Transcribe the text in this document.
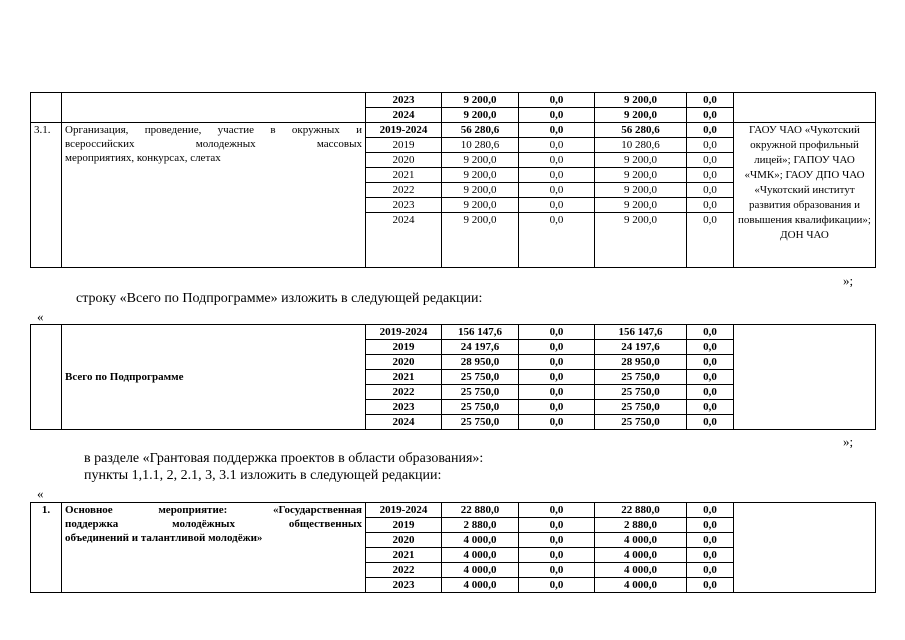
		2023	9 200,0	0,0	9 200,0	0,0	
		2024	9 200,0	0,0	9 200,0	0,0	
3.1.	Организация, проведение, участие в окружных и
всероссийских молодежных массовых
мероприятиях, конкурсах, слетах	2019-2024	56 280,6	0,0	56 280,6	0,0	ГАОУ ЧАО «Чукотский окружной профильный лицей»; ГАПОУ ЧАО «ЧМК»; ГАОУ ДПО ЧАО «Чукотский институт развития образования и повышения квалификации»; ДОН ЧАО
		2019	10 280,6	0,0	10 280,6	0,0	
		2020	9 200,0	0,0	9 200,0	0,0	
		2021	9 200,0	0,0	9 200,0	0,0	
		2022	9 200,0	0,0	9 200,0	0,0	
		2023	9 200,0	0,0	9 200,0	0,0	
		2024	9 200,0	0,0	9 200,0	0,0	
»;
строку «Всего по Подпрограмме» изложить в следующей редакции:
«
	Всего по Подпрограмме	2019-2024	156 147,6	0,0	156 147,6	0,0	
		2019	24 197,6	0,0	24 197,6	0,0	
		2020	28 950,0	0,0	28 950,0	0,0	
		2021	25 750,0	0,0	25 750,0	0,0	
		2022	25 750,0	0,0	25 750,0	0,0	
		2023	25 750,0	0,0	25 750,0	0,0	
		2024	25 750,0	0,0	25 750,0	0,0	
»;
в разделе «Грантовая поддержка проектов в области образования»:
пункты 1,1.1, 2, 2.1, 3, 3.1 изложить в следующей редакции:
«
1.	Основное мероприятие: «Государственная
поддержка молодёжных общественных
объединений и талантливой молодёжи»	2019-2024	22 880,0	0,0	22 880,0	0,0	
		2019	2 880,0	0,0	2 880,0	0,0	
		2020	4 000,0	0,0	4 000,0	0,0	
		2021	4 000,0	0,0	4 000,0	0,0	
		2022	4 000,0	0,0	4 000,0	0,0	
		2023	4 000,0	0,0	4 000,0	0,0	
